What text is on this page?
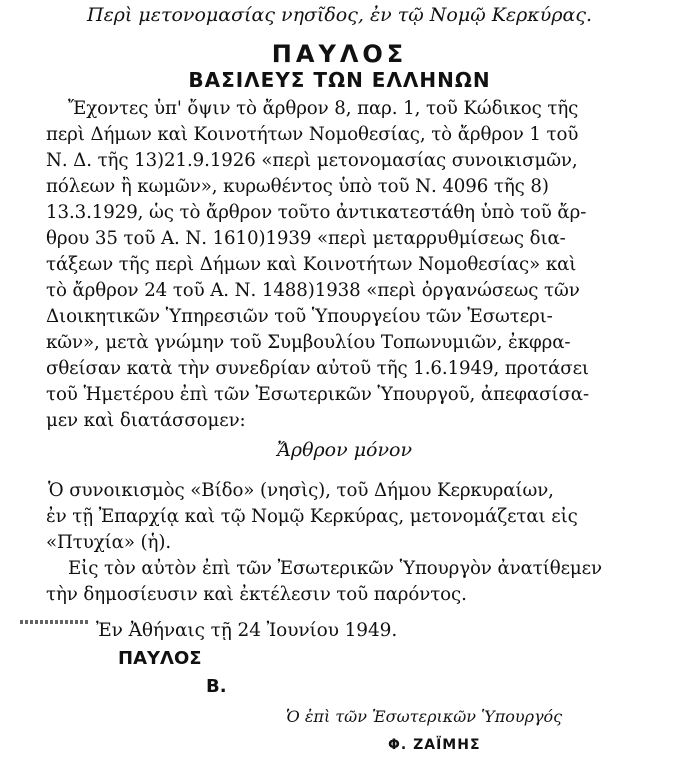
Περὶ μετονομασίας νησῖδος, ἐν τῷ Νομῷ Κερκύρας.
ΠΑΥΛΟΣ
ΒΑΣΙΛΕΥΣ ΤΩΝ ΕΛΛΗΝΩΝ
Ἔχοντες ὑπ' ὄψιν τὸ ἄρθρον 8, παρ. 1, τοῦ Κώδικος τῆς
περὶ Δήμων καὶ Κοινοτήτων Νομοθεσίας, τὸ ἄρθρον 1 τοῦ
Ν. Δ. τῆς 13)21.9.1926 «περὶ μετονομασίας συνοικισμῶν,
πόλεων ἢ κωμῶν», κυρωθέντος ὑπὸ τοῦ Ν. 4096 τῆς 8)
13.3.1929, ὡς τὸ ἄρθρον τοῦτο ἀντικατεστάθη ὑπὸ τοῦ ἄρ-
θρου 35 τοῦ Α. Ν. 1610)1939 «περὶ μεταρρυθμίσεως δια-
τάξεων τῆς περὶ Δήμων καὶ Κοινοτήτων Νομοθεσίας» καὶ
τὸ ἄρθρον 24 τοῦ Α. Ν. 1488)1938 «περὶ ὀργανώσεως τῶν
Διοικητικῶν Ὑπηρεσιῶν τοῦ Ὑπουργείου τῶν Ἐσωτερι-
κῶν», μετὰ γνώμην τοῦ Συμβουλίου Τοπωνυμιῶν, ἐκφρα-
σθείσαν κατὰ τὴν συνεδρίαν αὐτοῦ τῆς 1.6.1949, προτάσει
τοῦ Ἡμετέρου ἐπὶ τῶν Ἐσωτερικῶν Ὑπουργοῦ, ἀπεφασίσα-
μεν καὶ διατάσσομεν:
Ἄρθρον μόνον
Ὁ συνοικισμὸς «Βίδο» (νησὶς), τοῦ Δήμου Κερκυραίων,
ἐν τῇ Ἐπαρχίᾳ καὶ τῷ Νομῷ Κερκύρας, μετονομάζεται εἰς
«Πτυχία» (ἡ).
Εἰς τὸν αὐτὸν ἐπὶ τῶν Ἐσωτερικῶν Ὑπουργὸν ἀνατίθεμεν
τὴν δημοσίευσιν καὶ ἐκτέλεσιν τοῦ παρόντος.
Ἐν Ἀθήναις τῇ 24 Ἰουνίου 1949.
ΠΑΥΛΟΣ
Β.
Ὁ ἐπὶ τῶν Ἐσωτερικῶν Ὑπουργός
Φ. ΖΑΪΜΗΣ
